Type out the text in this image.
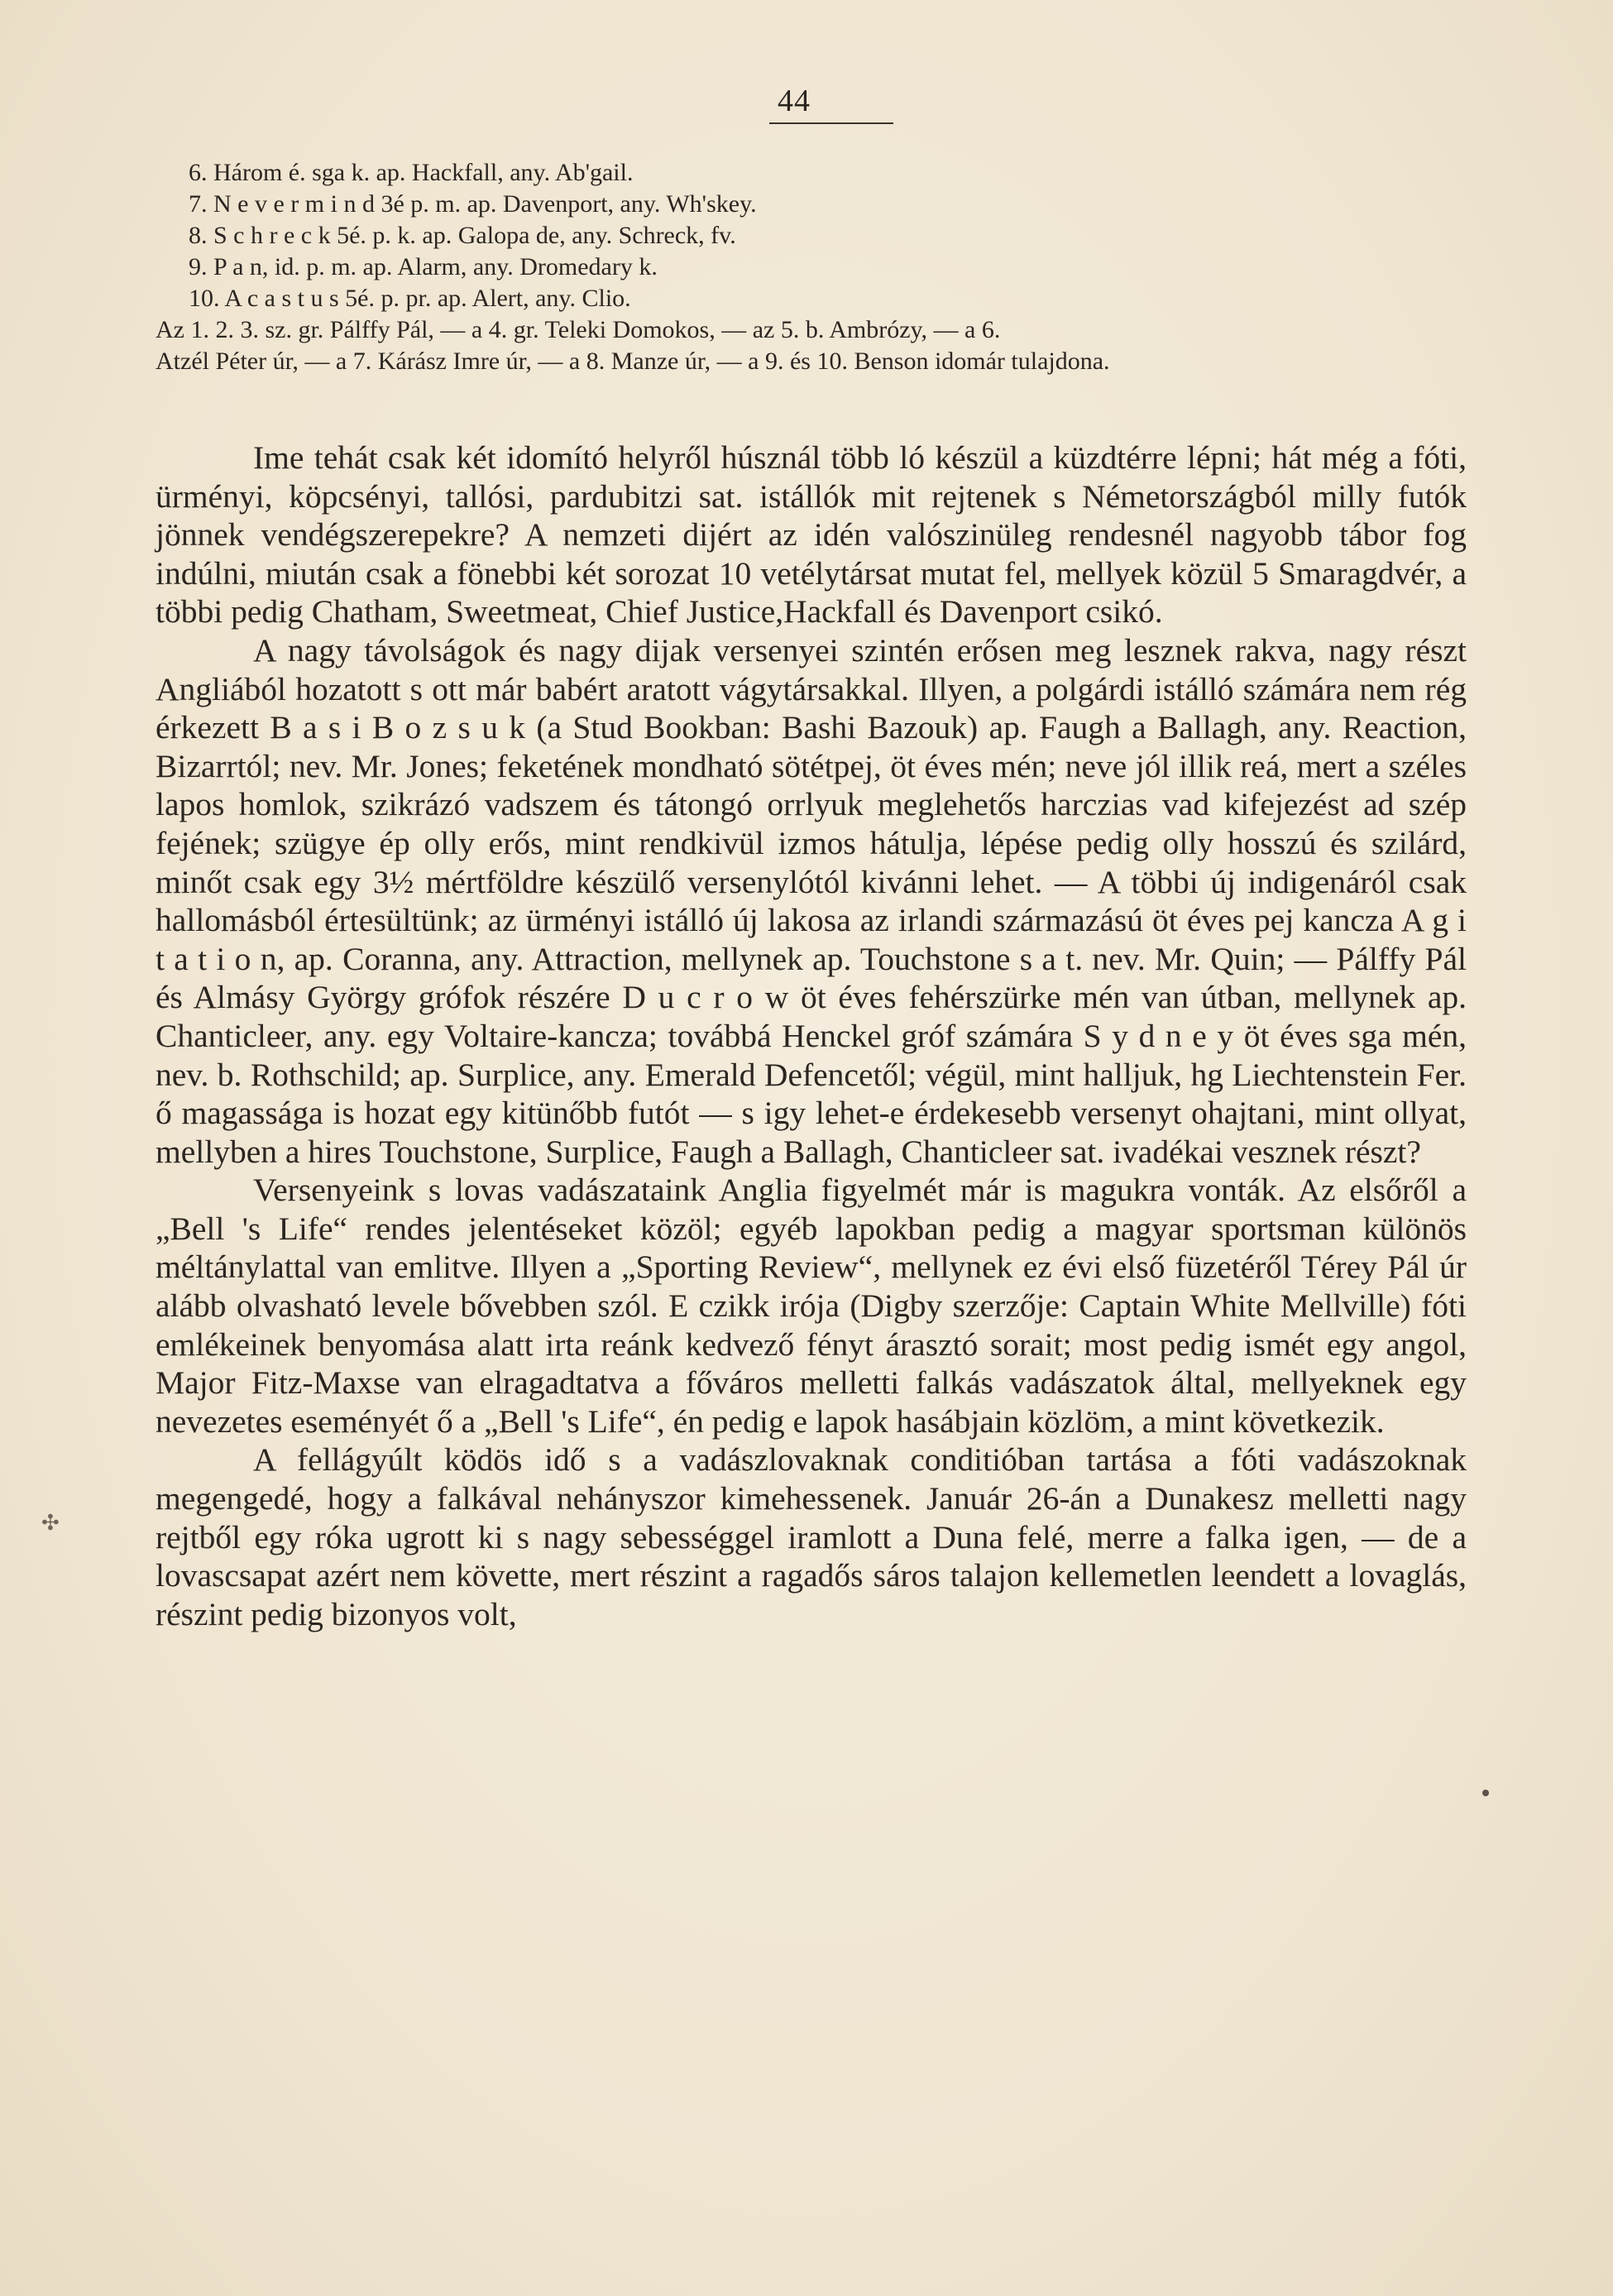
44
6. Három é. sga k. ap. Hackfall, any. Ab'gail.
7. N e v e r m i n d 3é p. m. ap. Davenport, any. Wh'skey.
8. S c h r e c k 5é. p. k. ap. Galopa de, any. Schreck, fv.
9. P a n, id. p. m. ap. Alarm, any. Dromedary k.
10. A c a s t u s 5é. p. pr. ap. Alert, any. Clio.
Az 1. 2. 3. sz. gr. Pálffy Pál, — a 4. gr. Teleki Domokos, — az 5. b. Ambrózy, — a 6.
Atzél Péter úr, — a 7. Kárász Imre úr, — a 8. Manze úr, — a 9. és 10. Benson idomár tulajdona.

Ime tehát csak két idomító helyről húsznál több ló készül a küzdtérre lépni; hát még a fóti, ürményi, köpcsényi, tallósi, pardubitzi sat. istállók mit rejtenek s Németországból milly futók jönnek vendégszerepekre? A nemzeti dijért az idén valószinüleg rendesnél nagyobb tábor fog indúlni, miután csak a fönebbi két sorozat 10 vetélytársat mutat fel, mellyek közül 5 Smaragdvér, a többi pedig Chatham, Sweetmeat, Chief Justice,Hackfall és Davenport csikó.

A nagy távolságok és nagy dijak versenyei szintén erősen meg lesznek rakva, nagy részt Angliából hozatott s ott már babért aratott vágytársakkal. Illyen, a polgárdi istálló számára nem rég érkezett B a s i B o z s u k (a Stud Bookban: Bashi Bazouk) ap. Faugh a Ballagh, any. Reaction, Bizarrtól; nev. Mr. Jones; feketének mondható sötétpej, öt éves mén; neve jól illik reá, mert a széles lapos homlok, szikrázó vadszem és tátongó orrlyuk meglehetős harczias vad kifejezést ad szép fejének; szügye ép olly erős, mint rendkivül izmos hátulja, lépése pedig olly hosszú és szilárd, minőt csak egy 3½ mértföldre készülő versenylótól kivánni lehet. — A többi új indigenáról csak hallomásból értesültünk; az ürményi istálló új lakosa az irlandi származású öt éves pej kancza A g i t a t i o n, ap. Coranna, any. Attraction, mellynek ap. Touchstone s a t. nev. Mr. Quin; — Pálffy Pál és Almásy György grófok részére D u c r o w öt éves fehérszürke mén van útban, mellynek ap. Chanticleer, any. egy Voltaire-kancza; továbbá Henckel gróf számára S y d n e y öt éves sga mén, nev. b. Rothschild; ap. Surplice, any. Emerald Defencetől; végül, mint halljuk, hg Liechtenstein Fer. ő magassága is hozat egy kitünőbb futót — s igy lehet-e érdekesebb versenyt ohajtani, mint ollyat, mellyben a hires Touchstone, Surplice, Faugh a Ballagh, Chanticleer sat. ivadékai vesznek részt?

Versenyeink s lovas vadászataink Anglia figyelmét már is magukra vonták. Az elsőről a „Bell 's Life“ rendes jelentéseket közöl; egyéb lapokban pedig a magyar sportsman különös méltánylattal van emlitve. Illyen a „Sporting Review“, mellynek ez évi első füzetéről Térey Pál úr alább olvasható levele bővebben szól. E czikk irója (Digby szerzője: Captain White Mellville) fóti emlékeinek benyomása alatt irta reánk kedvező fényt árasztó sorait; most pedig ismét egy angol, Major Fitz-Maxse van elragadtatva a főváros melletti falkás vadászatok által, mellyeknek egy nevezetes eseményét ő a „Bell 's Life“, én pedig e lapok hasábjain közlöm, a mint következik.

A fellágyúlt ködös idő s a vadászlovaknak conditióban tartása a fóti vadászoknak megengedé, hogy a falkával nehányszor kimehessenek. Január 26-án a Dunakesz melletti nagy rejtből egy róka ugrott ki s nagy sebességgel iramlott a Duna felé, merre a falka igen, — de a lovascsapat azért nem követte, mert részint a ragadős sáros talajon kellemetlen leendett a lovaglás, részint pedig bizonyos volt,

✣
